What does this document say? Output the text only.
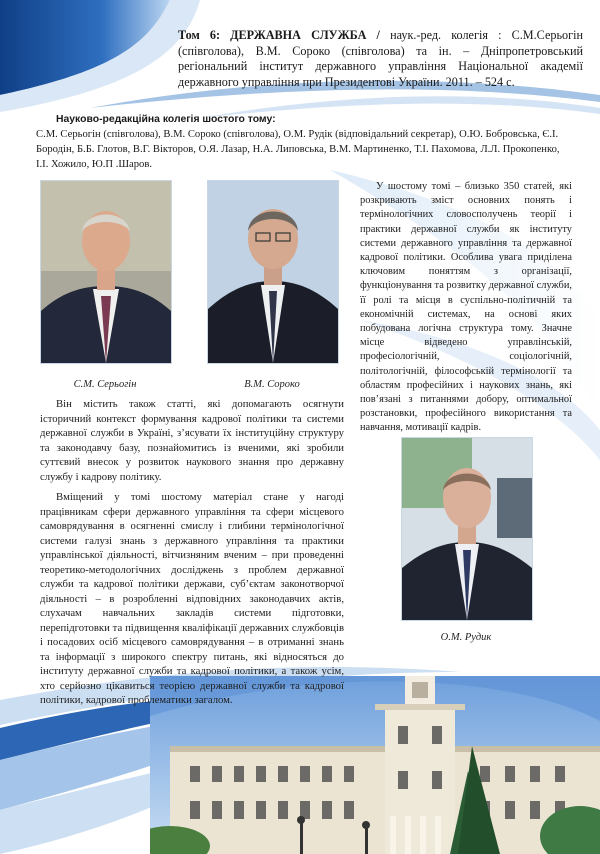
Том 6: ДЕРЖАВНА СЛУЖБА / наук.-ред. колегія : С.М.Серьогін (співголова), В.М. Сороко (співголова) та ін. – Дніпропетровський регіональний інститут державного управління Національної академії державного управління при Президентові України. 2011. – 524 с.
Науково-редакційна колегія шостого тому:
С.М. Серьогін (співголова), В.М. Сороко (співголова), О.М. Рудік (відповідальний секретар), О.Ю. Бобровська, Є.І. Бородін, Б.Б. Глотов, В.Г. Вікторов, О.Я. Лазар, Н.А. Липовська, В.М. Мартиненко, Т.І. Пахомова, Л.Л. Прокопенко, І.І. Хожило, Ю.П .Шаров.
С.М. Серьогін	В.М. Сороко
О.М. Рудик
У шостому томі – близько 350 статей, які розкривають зміст основних понять і термінологічних словосполучень теорії і практики державної служби як інституту системи державного управління та державної кадрової політики. Особлива увага приділена ключовим поняттям з організації, функціонування та розвитку державної служби, її ролі та місця в суспільно-політичній та економічній системах, на основі яких побудована логічна структура тому. Значне місце відведено управлінській, професіологічній, соціологічній, політологічній, філософській термінології та областям професійних і наукових знань, які пов’язані з питаннями добору, оптимальної розстановки, професійного використання та навчання, мотивації кадрів.
Він містить також статті, які допомагають осягнути історичний контекст формування кадрової політики та системи державної служби в Україні, з’ясувати їх інституційну структуру та законодавчу базу, познайомитись із вченими, які зробили суттєвий внесок у розвиток наукового знання про державну службу і кадрову політику.
Вміщений у томі шостому матеріал стане у нагоді працівникам сфери державного управління та сфери місцевого самоврядування в осягненні смислу і глибини термінологічної системи галузі знань з державного управління та практики управлінської діяльності, вітчизняним вченим – при проведенні теоретико-методологічних досліджень з проблем державної служби та кадрової політики держави, суб’єктам законотворчої діяльності – в розробленні відповідних законодавчих актів, слухачам навчальних закладів системи підготовки, перепідготовки та підвищення кваліфікації державних службовців і посадових осіб місцевого самоврядування – в отриманні знань та інформації з широкого спектру питань, які відносяться до інституту державної служби та кадрової політики, а також усім, хто серйозно цікавиться теорією державної служби та кадрової політики, кадрової проблематики загалом.
